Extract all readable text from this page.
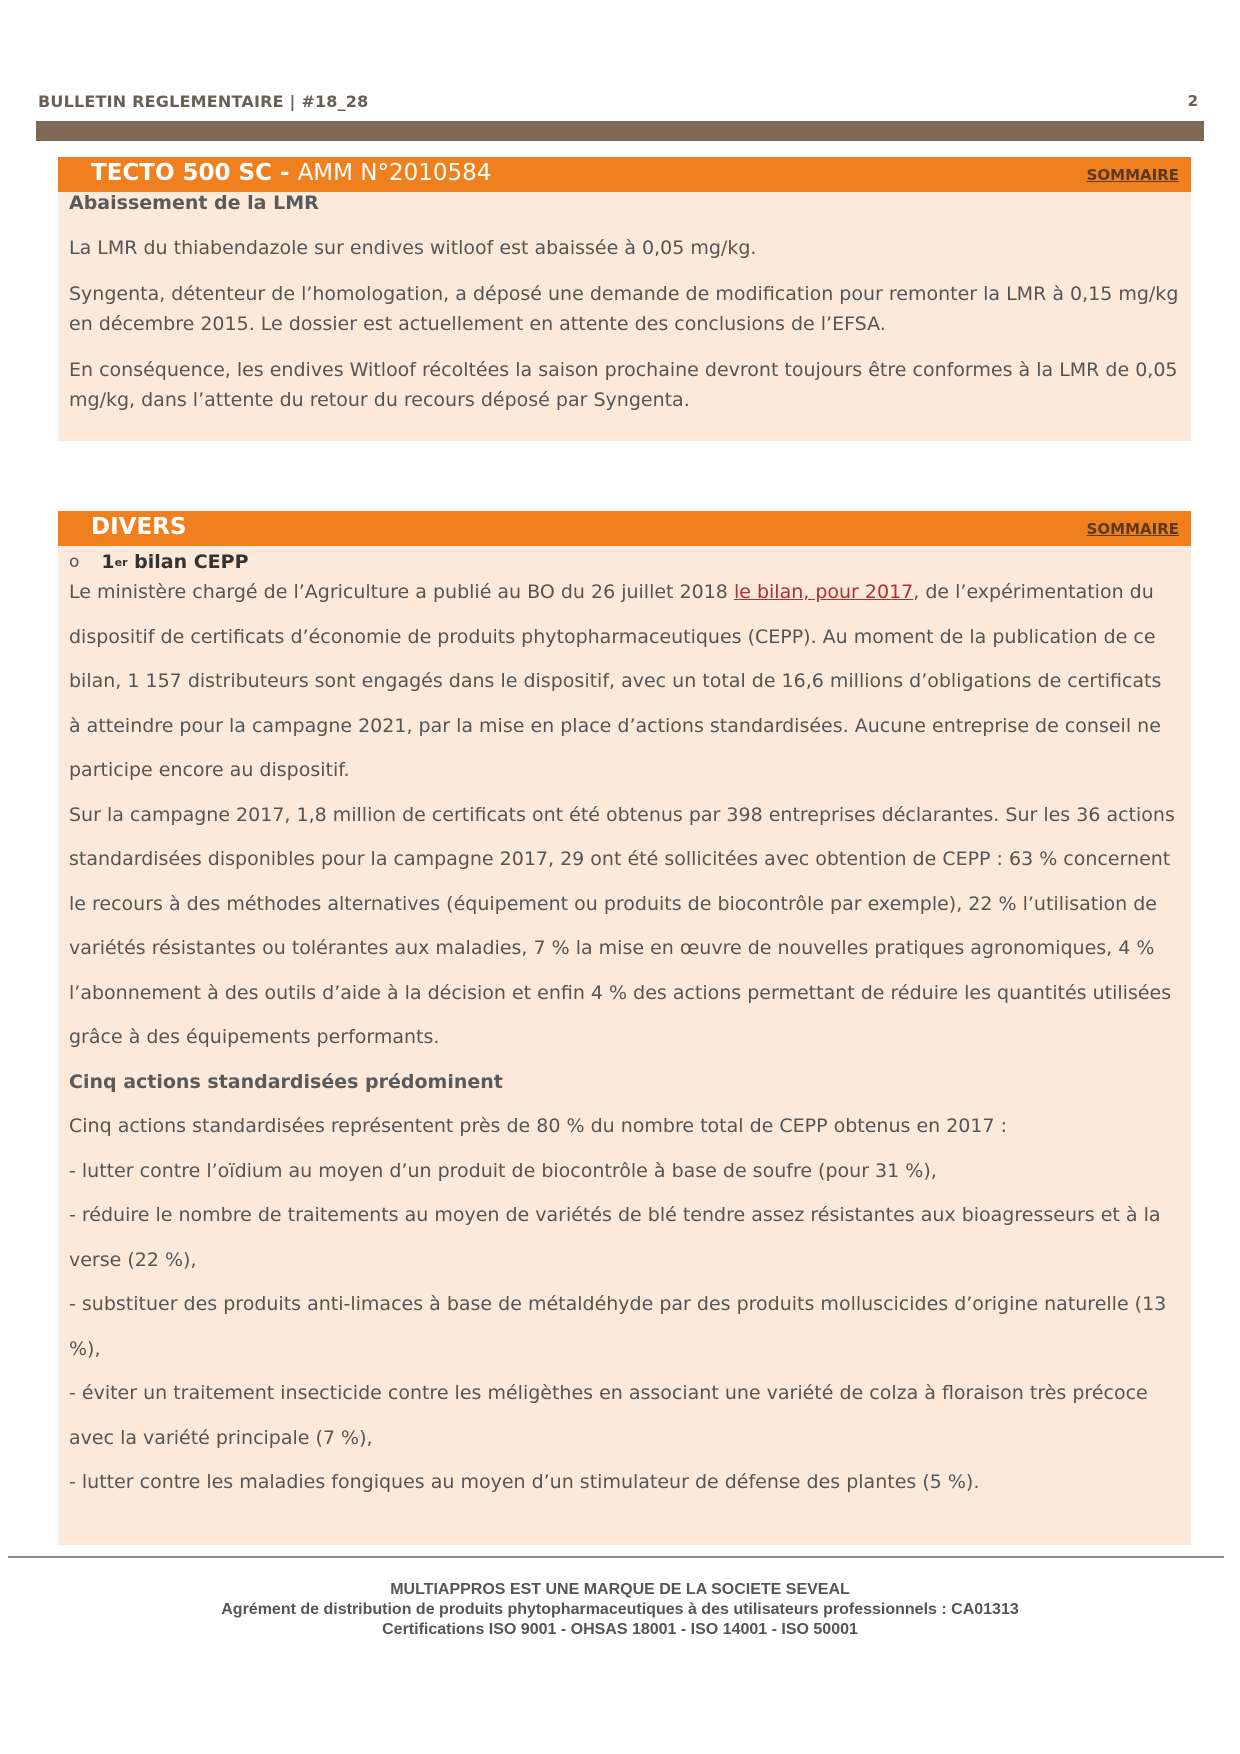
BULLETIN REGLEMENTAIRE | #18_28	2
TECTO 500 SC - AMM N°2010584	SOMMAIRE
Abaissement de la LMR

La LMR du thiabendazole sur endives witloof est abaissée à 0,05 mg/kg.

Syngenta, détenteur de l’homologation, a déposé une demande de modification pour remonter la LMR à 0,15 mg/kg en décembre 2015. Le dossier est actuellement en attente des conclusions de l’EFSA.

En conséquence, les endives Witloof récoltées la saison prochaine devront toujours être conformes à la LMR de 0,05 mg/kg, dans l’attente du retour du recours déposé par Syngenta.

DIVERS	SOMMAIRE
o 1 er bilan CEPP

Le ministère chargé de l’Agriculture a publié au BO du 26 juillet 2018 le bilan, pour 2017, de l’expérimentation du dispositif de certificats d’économie de produits phytopharmaceutiques (CEPP). Au moment de la publication de ce bilan, 1 157 distributeurs sont engagés dans le dispositif, avec un total de 16,6 millions d’obligations de certificats à atteindre pour la campagne 2021, par la mise en place d’actions standardisées. Aucune entreprise de conseil ne participe encore au dispositif.

Sur la campagne 2017, 1,8 million de certificats ont été obtenus par 398 entreprises déclarantes. Sur les 36 actions standardisées disponibles pour la campagne 2017, 29 ont été sollicitées avec obtention de CEPP : 63 % concernent le recours à des méthodes alternatives (équipement ou produits de biocontrôle par exemple), 22 % l’utilisation de variétés résistantes ou tolérantes aux maladies, 7 % la mise en œuvre de nouvelles pratiques agronomiques, 4 % l’abonnement à des outils d’aide à la décision et enfin 4 % des actions permettant de réduire les quantités utilisées grâce à des équipements performants.

Cinq actions standardisées prédominent

Cinq actions standardisées représentent près de 80 % du nombre total de CEPP obtenus en 2017 :

- lutter contre l’oïdium au moyen d’un produit de biocontrôle à base de soufre (pour 31 %),

- réduire le nombre de traitements au moyen de variétés de blé tendre assez résistantes aux bioagresseurs et à la verse (22 %),

- substituer des produits anti-limaces à base de métaldéhyde par des produits molluscicides d’origine naturelle (13 %),

- éviter un traitement insecticide contre les méligèthes en associant une variété de colza à floraison très précoce avec la variété principale (7 %),

- lutter contre les maladies fongiques au moyen d’un stimulateur de défense des plantes (5 %).

MULTIAPPROS EST UNE MARQUE DE LA SOCIETE SEVEAL
Agrément de distribution de produits phytopharmaceutiques à des utilisateurs professionnels : CA01313
Certifications ISO 9001 - OHSAS 18001 - ISO 14001 - ISO 50001
